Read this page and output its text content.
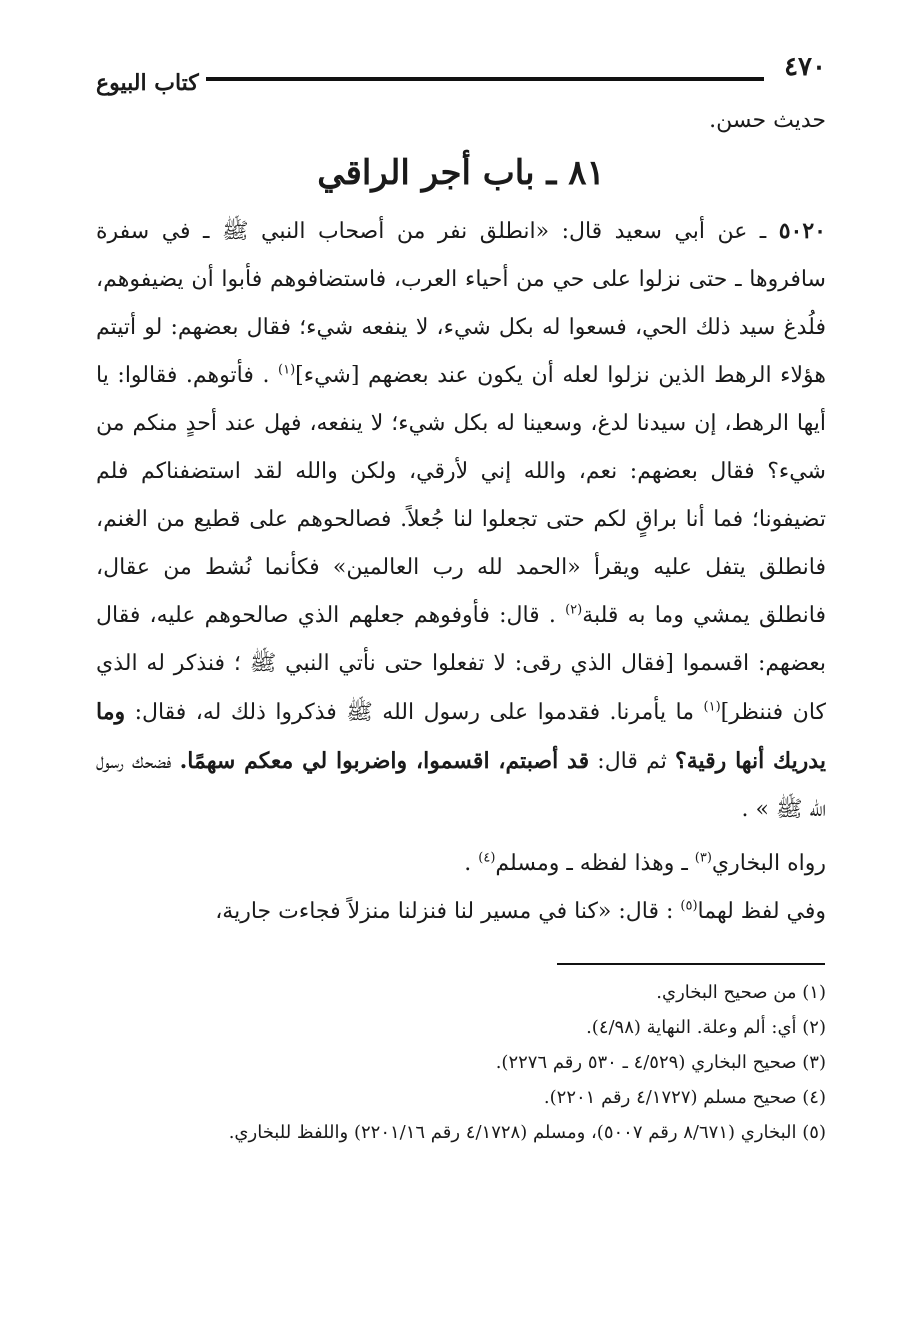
٤٧٠
كتاب البيوع

حديث حسن.

٨١ ـ باب أجر الراقي

٥٠٢٠ ـ عن أبي سعيد قال: «انطلق نفر من أصحاب النبي ﷺ ـ في سفرة سافروها ـ حتى نزلوا على حي من أحياء العرب، فاستضافوهم فأبوا أن يضيفوهم، فلُدغ سيد ذلك الحي، فسعوا له بكل شيء، لا ينفعه شيء؛ فقال بعضهم: لو أتيتم هؤلاء الرهط الذين نزلوا لعله أن يكون عند بعضهم [شيء]$^{(١)}$ . فأتوهم. فقالوا: يا أيها الرهط، إن سيدنا لدغ، وسعينا له بكل شيء؛ لا ينفعه، فهل عند أحدٍ منكم من شيء؟ فقال بعضهم: نعم، والله إني لأرقي، ولكن والله لقد استضفناكم فلم تضيفونا؛ فما أنا براقٍ لكم حتى تجعلوا لنا جُعلاً. فصالحوهم على قطيع من الغنم، فانطلق يتفل عليه ويقرأ «الحمد لله رب العالمين» فكأنما نُشط من عقال، فانطلق يمشي وما به قلبة$^{(٢)}$ . قال: فأوفوهم جعلهم الذي صالحوهم عليه، فقال بعضهم: اقسموا [فقال الذي رقى: لا تفعلوا حتى نأتي النبي ﷺ ؛ فنذكر له الذي كان فننظر]$^{(١)}$ ما يأمرنا. فقدموا على رسول الله ﷺ فذكروا ذلك له، فقال: وما يدريك أنها رقية؟ ثم قال: قد أصبتم، اقسموا، واضربوا لي معكم سهمًا. فضحك رسول الله ﷺ » .

رواه البخاري$^{(٣)}$ ـ وهذا لفظه ـ ومسلم$^{(٤)}$ .

وفي لفظ لهما$^{(٥)}$ : قال: «كنا في مسير لنا فنزلنا منزلاً فجاءت جارية،

(١) من صحيح البخاري.

(٢) أي: ألم وعلة. النهاية (٤/٩٨).

(٣) صحيح البخاري (٤/٥٢٩ ـ ٥٣٠ رقم ٢٢٧٦).

(٤) صحيح مسلم (٤/١٧٢٧ رقم ٢٢٠١).

(٥) البخاري (٨/٦٧١ رقم ٥٠٠٧)، ومسلم (٤/١٧٢٨ رقم ٢٢٠١/١٦) واللفظ للبخاري.
